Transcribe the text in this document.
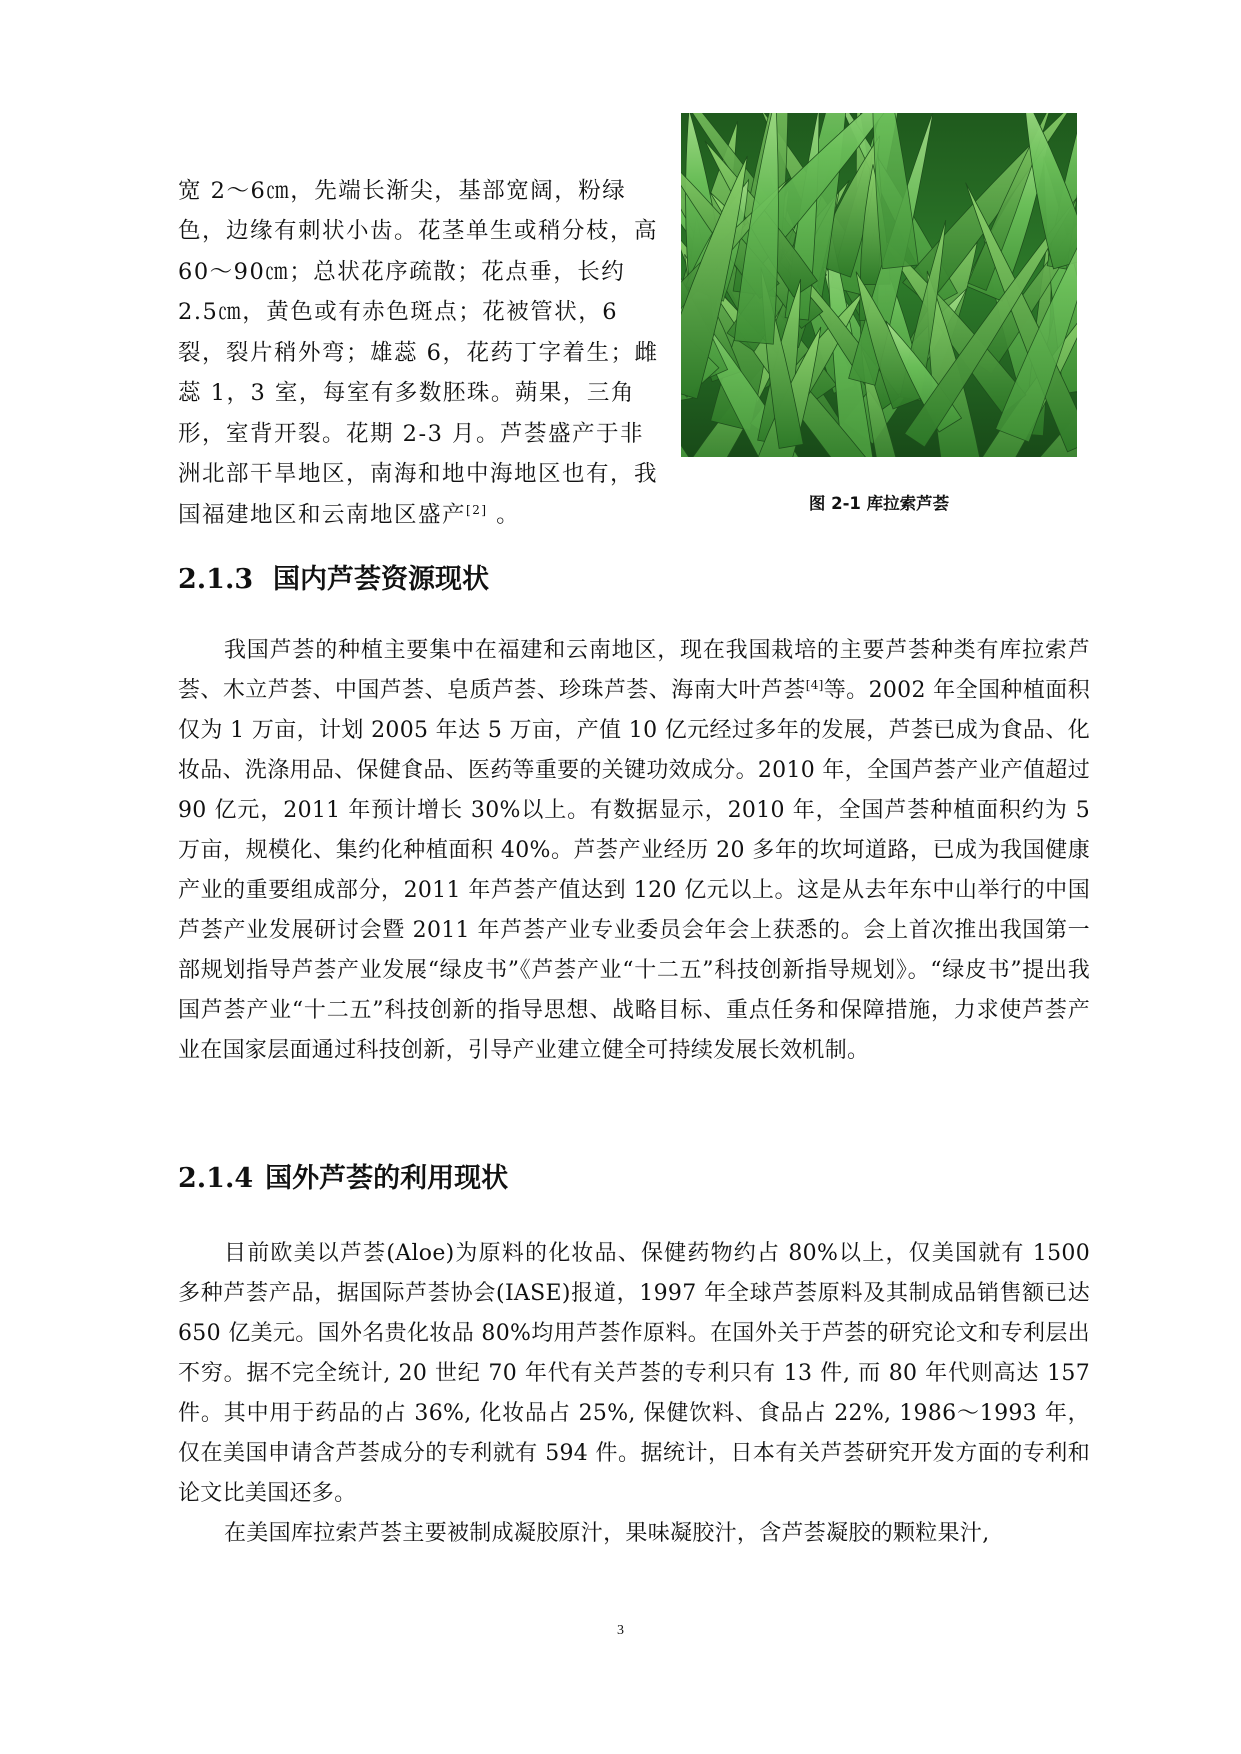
宽 2～6㎝，先端长渐尖，基部宽阔，粉绿色，边缘有刺状小齿。花茎单生或稍分枝，高 60～90㎝；总状花序疏散；花点垂，长约 2.5㎝，黄色或有赤色斑点；花被管状，6 裂，裂片稍外弯；雄蕊 6，花药丁字着生；雌蕊 1，3 室，每室有多数胚珠。蒴果，三角形，室背开裂。花期 2-3 月。芦荟盛产于非洲北部干旱地区，南海和地中海地区也有，我国福建地区和云南地区盛产[2] 。	图 2-1 库拉索芦荟
2.1.3 国内芦荟资源现状

我国芦荟的种植主要集中在福建和云南地区，现在我国栽培的主要芦荟种类有库拉索芦荟、木立芦荟、中国芦荟、皂质芦荟、珍珠芦荟、海南大叶芦荟[4]等。2002 年全国种植面积仅为 1 万亩，计划 2005 年达 5 万亩，产值 10 亿元经过多年的发展，芦荟已成为食品、化妆品、洗涤用品、保健食品、医药等重要的关键功效成分。2010 年，全国芦荟产业产值超过 90 亿元，2011 年预计增长 30%以上。有数据显示，2010 年，全国芦荟种植面积约为 5 万亩，规模化、集约化种植面积 40%。芦荟产业经历 20 多年的坎坷道路，已成为我国健康产业的重要组成部分，2011 年芦荟产值达到 120 亿元以上。这是从去年东中山举行的中国芦荟产业发展研讨会暨 2011 年芦荟产业专业委员会年会上获悉的。会上首次推出我国第一部规划指导芦荟产业发展“绿皮书”《芦荟产业“十二五”科技创新指导规划》。“绿皮书”提出我国芦荟产业“十二五”科技创新的指导思想、战略目标、重点任务和保障措施，力求使芦荟产业在国家层面通过科技创新，引导产业建立健全可持续发展长效机制。

2.1.4 国外芦荟的利用现状

目前欧美以芦荟(Aloe)为原料的化妆品、保健药物约占 80%以上，仅美国就有 1500 多种芦荟产品，据国际芦荟协会(IASE)报道，1997 年全球芦荟原料及其制成品销售额已达 650 亿美元。国外名贵化妆品 80%均用芦荟作原料。在国外关于芦荟的研究论文和专利层出不穷。据不完全统计, 20 世纪 70 年代有关芦荟的专利只有 13 件, 而 80 年代则高达 157 件。其中用于药品的占 36%, 化妆品占 25%, 保健饮料、食品占 22%, 1986～1993 年，仅在美国申请含芦荟成分的专利就有 594 件。据统计，日本有关芦荟研究开发方面的专利和论文比美国还多。

在美国库拉索芦荟主要被制成凝胶原汁，果味凝胶汁，含芦荟凝胶的颗粒果汁,

3
